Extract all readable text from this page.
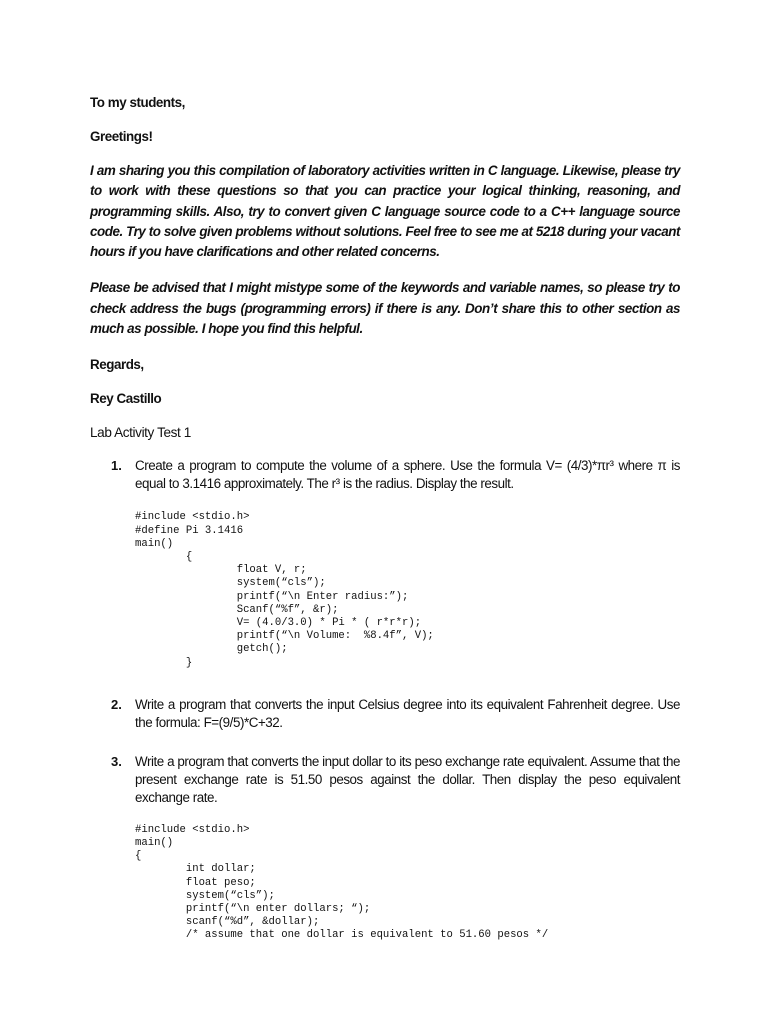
To my students,

Greetings!

I am sharing you this compilation of laboratory activities written in C language. Likewise, please try to work with these questions so that you can practice your logical thinking, reasoning, and programming skills. Also, try to convert given C language source code to a C++ language source code. Try to solve given problems without solutions. Feel free to see me at 5218 during your vacant hours if you have clarifications and other related concerns.

Please be advised that I might mistype some of the keywords and variable names, so please try to check address the bugs (programming errors) if there is any. Don’t share this to other section as much as possible. I hope you find this helpful.

Regards,

Rey Castillo

Lab Activity Test 1

1. Create a program to compute the volume of a sphere. Use the formula V= (4/3)*πr³ where π is equal to 3.1416 approximately. The r³ is the radius. Display the result.

#include <stdio.h>
#define Pi 3.1416
main()
{
float V, r;
system(“cls”);
printf(“\n Enter radius:”);
Scanf(“%f”, &r);
V= (4.0/3.0) * Pi * ( r*r*r);
printf(“\n Volume:  %8.4f”, V);
getch();
}
2. Write a program that converts the input Celsius degree into its equivalent Fahrenheit degree. Use the formula: F=(9/5)*C+32.

3. Write a program that converts the input dollar to its peso exchange rate equivalent. Assume that the present exchange rate is 51.50 pesos against the dollar. Then display the peso equivalent exchange rate.

#include <stdio.h>
main()
{
int dollar;
float peso;
system(“cls”);
printf(“\n enter dollars; “);
scanf(“%d”, &dollar);
/* assume that one dollar is equivalent to 51.60 pesos */
